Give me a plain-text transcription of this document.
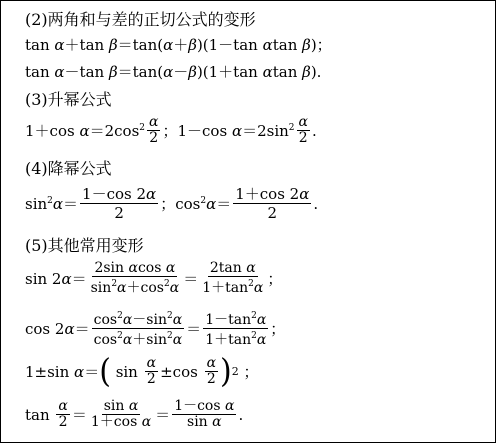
(2)两角和与差的正切公式的变形
tan α ＋tan β ＝tan( α ＋ β )(1－tan α tan β )；
tan α －tan β ＝tan( α － β )(1＋tan α tan β ).
(3)升幂公式
1＋cos $\alpha =2\cos^2$ α
2 ；1－cos $\alpha =2\sin^2$ α
2 .
(4)降幂公式
$\sin^2 \alpha$ ＝
1－cos 2α
2 ；$\cos^2 \alpha$ ＝
1＋cos 2α
2
.
(5)其他常用变形
sin 2 α ＝
2sin αcos α
$\sin^2\alpha+\cos^2\alpha$ ＝
2tan α
$1+\tan^2\alpha$ ；
cos 2 $\alpha = \cos^2\alpha-\sin^2\alpha$
$\cos^2\alpha+\sin^2\alpha$
＝ $1-\tan^2\alpha$
$1+\tan^2\alpha$
；
1±sin α ＝ ( sin α
2 ±cos α
2 ) 2 ；
tan α
2 ＝ sin α
1＋cos α ＝ 1－cos α
sin α .
